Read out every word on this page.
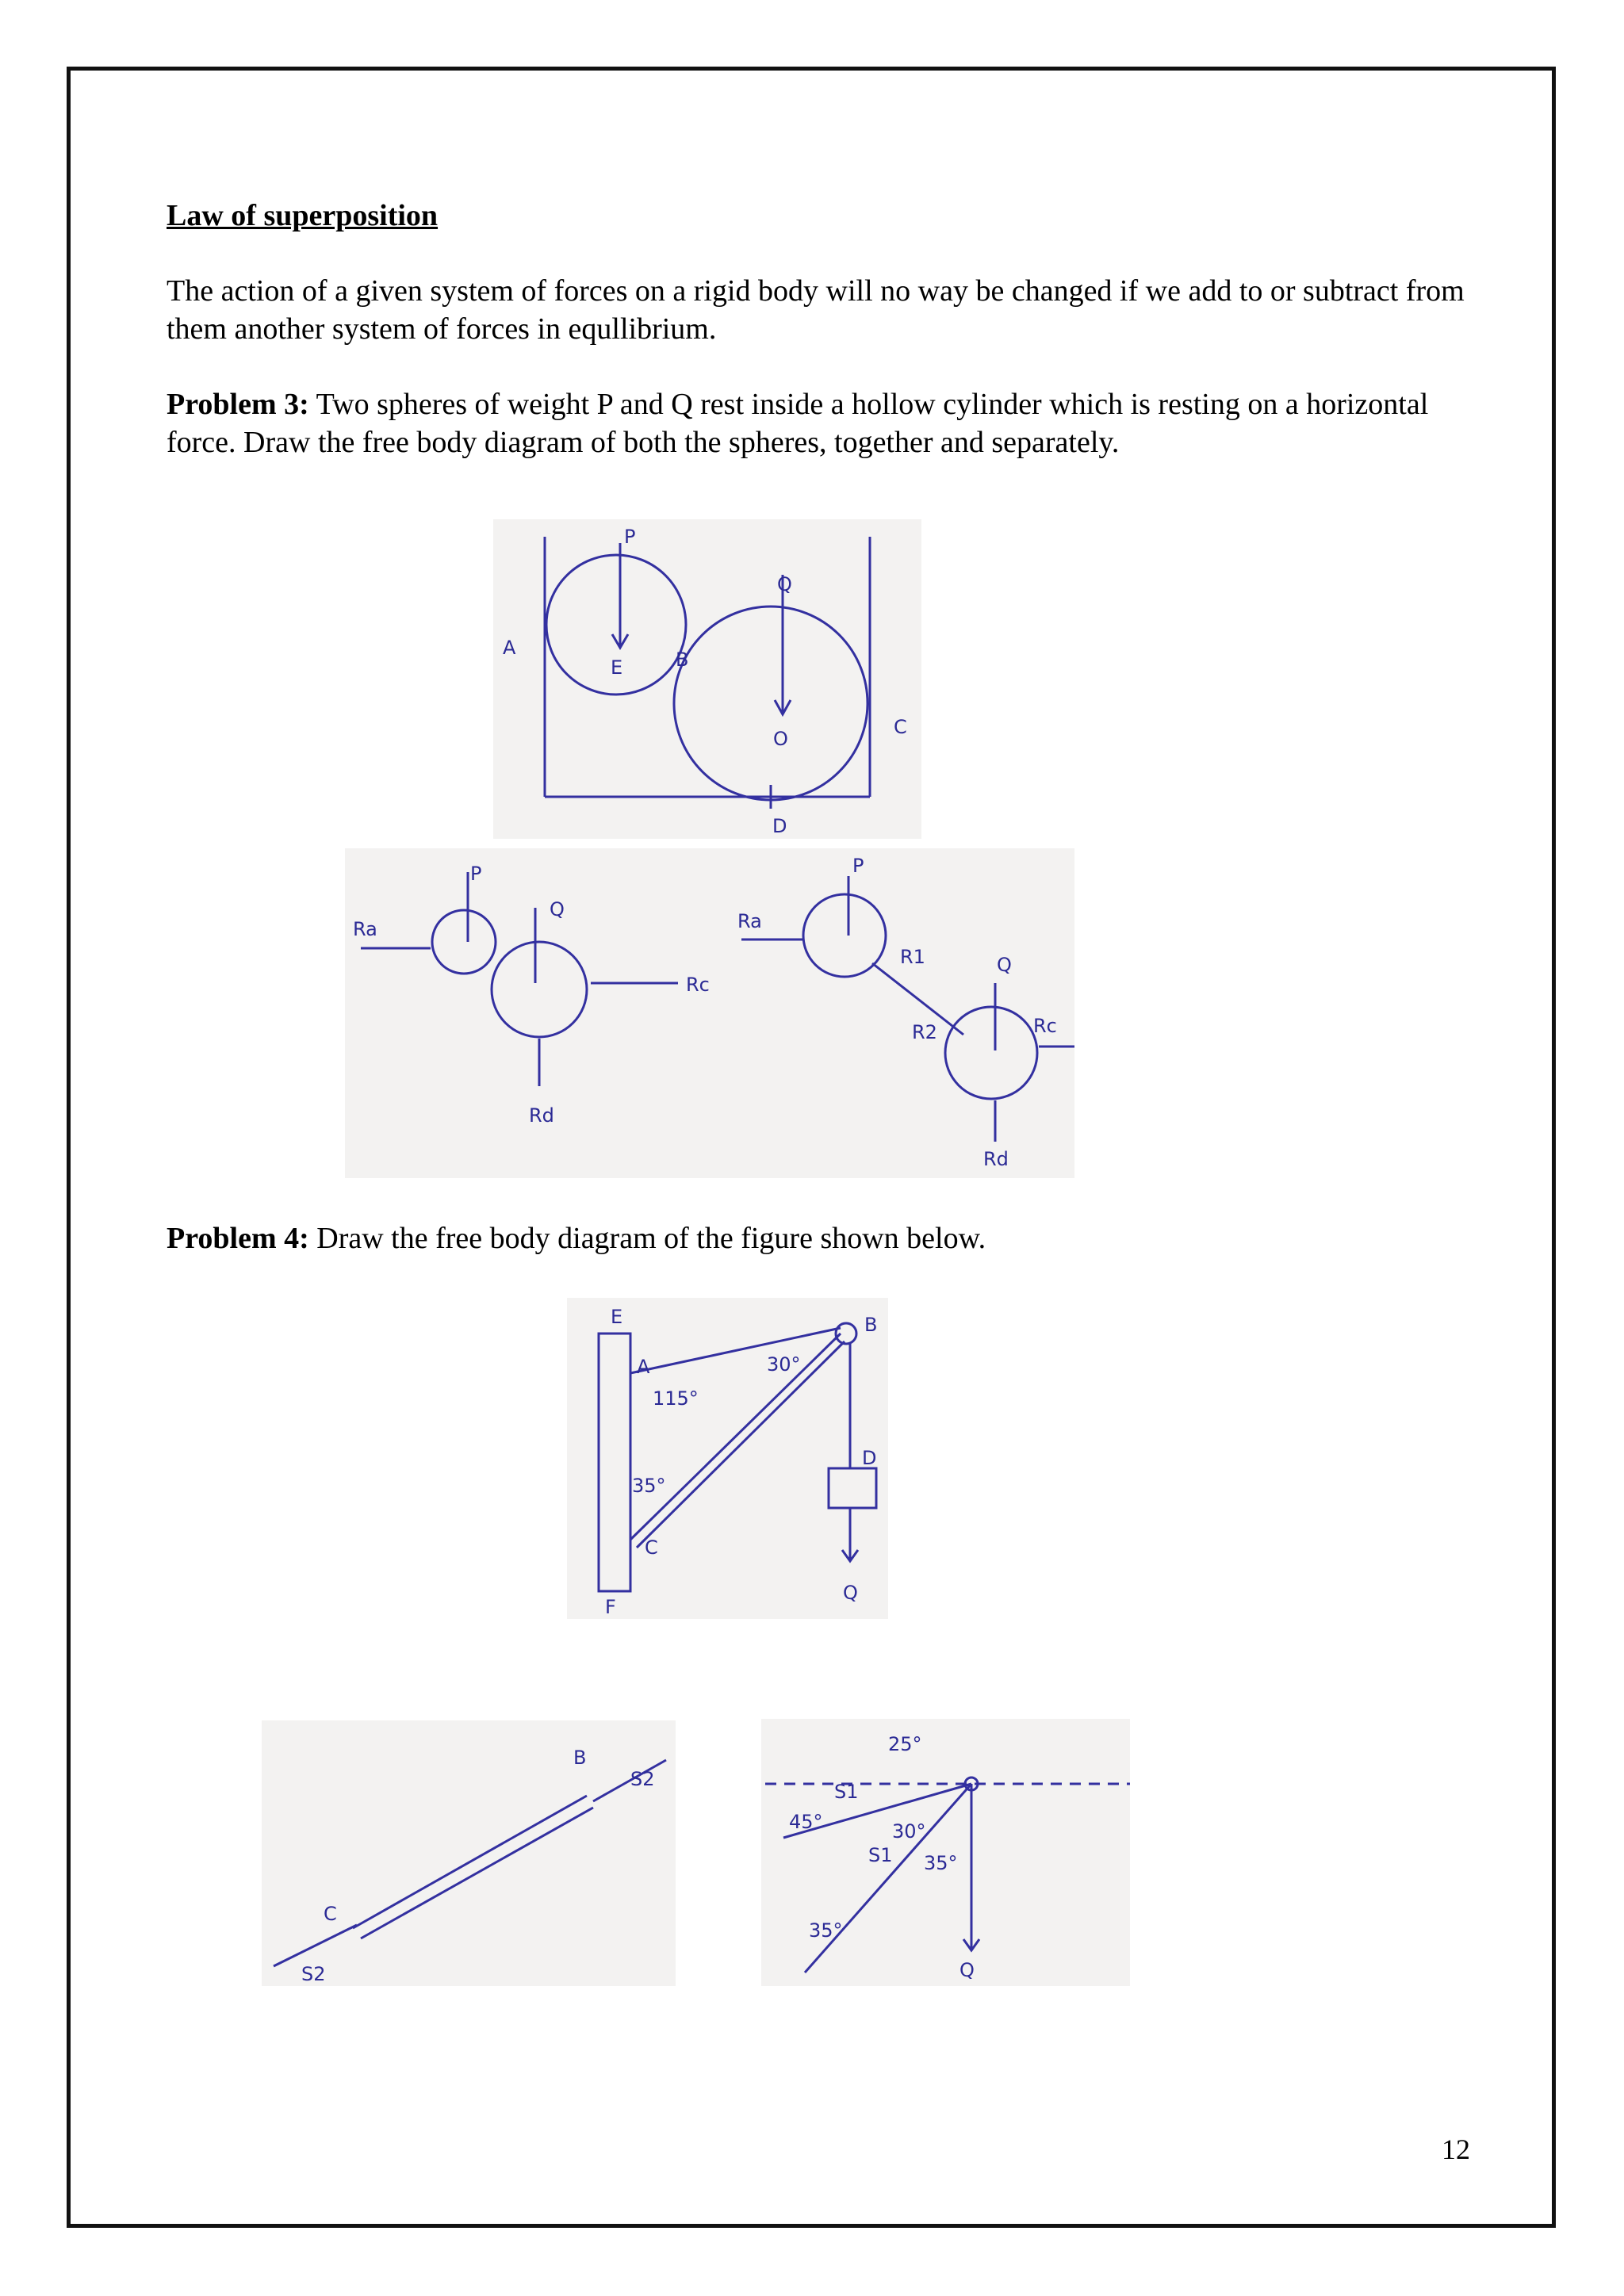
Law of superposition
The action of a given system of forces on a rigid body will no way be changed if we add to or subtract from them another system of forces in equllibrium.
Problem 3: Two spheres of weight P and Q rest inside a hollow cylinder which is resting on a horizontal force. Draw the free body diagram of both the spheres, together and separately.
P
Q
A
E	B
O
C
D
P
Q
Ra
Rc
Rd
P
Q
Ra
R1
R2	Rc
Rd
Problem 4: Draw the free body diagram of the figure shown below.
E
A
B
30°
115°
35°
C
D
F
Q
B
S2
C
S2
25°
S1
45°	30°
S1 35°
35°
Q
12
